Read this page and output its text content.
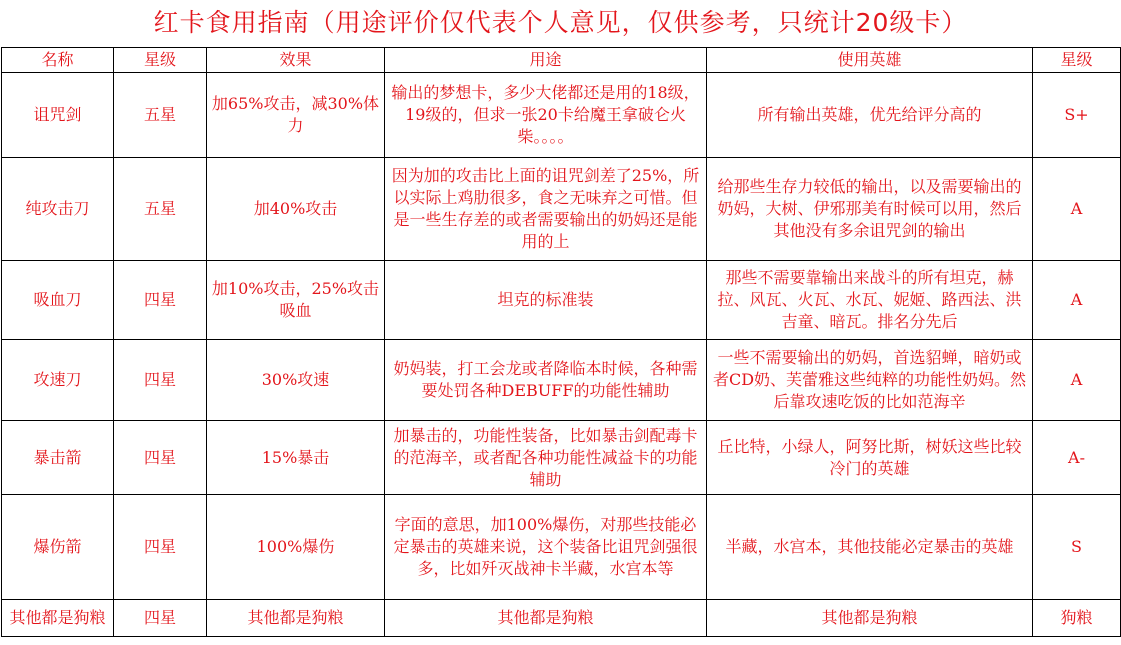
红卡食用指南（用途评价仅代表个人意见，仅供参考，只统计20级卡）
名称	星级	效果	用途	使用英雄	星级
诅咒剑	五星	加65%攻击，减30%体力	输出的梦想卡，多少大佬都还是用的18级，19级的，但求一张20卡给魔王拿破仑火柴。。。。	所有输出英雄，优先给评分高的	S+
纯攻击刀	五星	加40%攻击	因为加的攻击比上面的诅咒剑差了25%，所以实际上鸡肋很多，食之无味弃之可惜。但是一些生存差的或者需要输出的奶妈还是能用的上	给那些生存力较低的输出，以及需要输出的奶妈，大树、伊邪那美有时候可以用，然后其他没有多余诅咒剑的输出	A
吸血刀	四星	加10%攻击，25%攻击吸血	坦克的标准装	那些不需要靠输出来战斗的所有坦克，赫拉、风瓦、火瓦、水瓦、妮姬、路西法、洪吉童、暗瓦。排名分先后	A
攻速刀	四星	30%攻速	奶妈装，打工会龙或者降临本时候，各种需要处罚各种DEBUFF的功能性辅助	一些不需要输出的奶妈，首选貂蝉，暗奶或者CD奶、芙蕾雅这些纯粹的功能性奶妈。然后靠攻速吃饭的比如范海辛	A
暴击箭	四星	15%暴击	加暴击的，功能性装备，比如暴击剑配毒卡的范海辛，或者配各种功能性减益卡的功能辅助	丘比特，小绿人，阿努比斯，树妖这些比较冷门的英雄	A-
爆伤箭	四星	100%爆伤	字面的意思，加100%爆伤，对那些技能必定暴击的英雄来说，这个装备比诅咒剑强很多，比如歼灭战神卡半藏，水宫本等	半藏，水宫本，其他技能必定暴击的英雄	S
其他都是狗粮	四星	其他都是狗粮	其他都是狗粮	其他都是狗粮	狗粮
